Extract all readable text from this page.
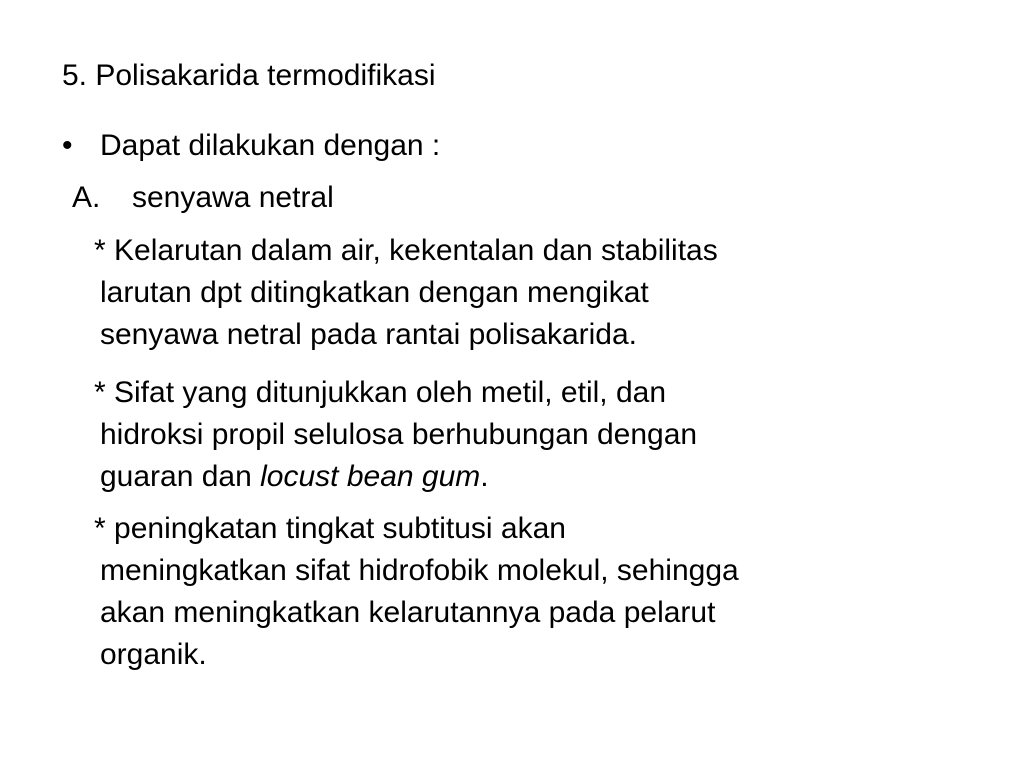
5. Polisakarida termodifikasi
• Dapat dilakukan dengan :
A. senyawa netral
* Kelarutan dalam air, kekentalan dan stabilitas
larutan dpt ditingkatkan dengan mengikat
senyawa netral pada rantai polisakarida.
* Sifat yang ditunjukkan oleh metil, etil, dan
hidroksi propil selulosa berhubungan dengan
guaran dan locust bean gum.
* peningkatan tingkat subtitusi akan
meningkatkan sifat hidrofobik molekul, sehingga
akan meningkatkan kelarutannya pada pelarut
organik.
